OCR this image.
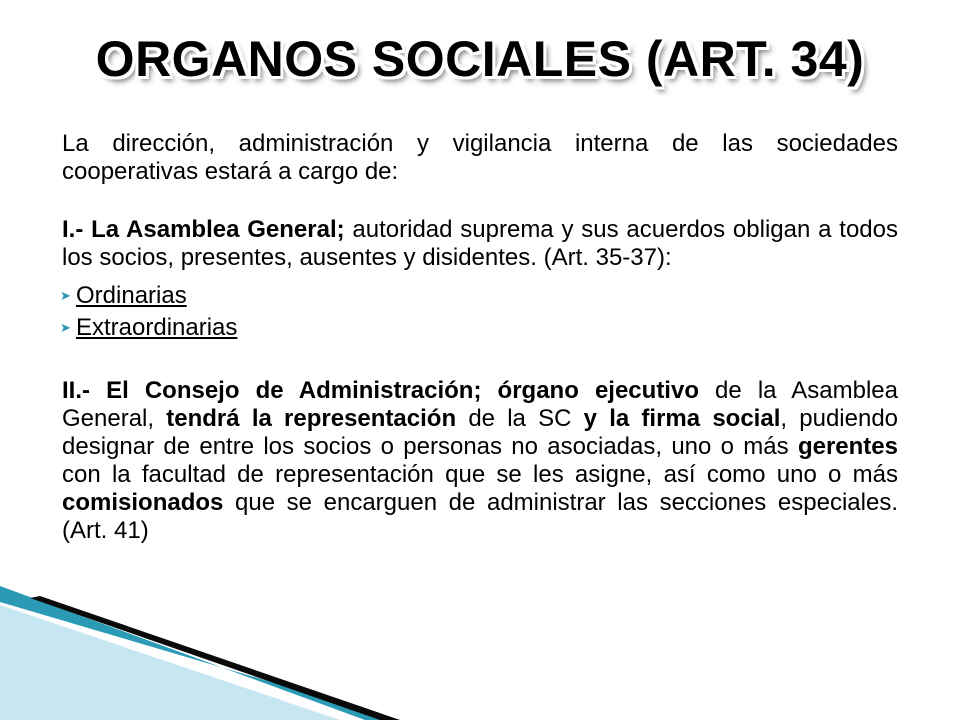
ORGANOS SOCIALES (ART. 34)

La dirección, administración y vigilancia interna de las sociedades cooperativas estará a cargo de:

I.- La Asamblea General; autoridad suprema y sus acuerdos obligan a todos los socios, presentes, ausentes y disidentes. (Art. 35-37):

➤ Ordinarias
➤ Extraordinarias

II.- El Consejo de Administración; órgano ejecutivo de la Asamblea General, tendrá la representación de la SC y la firma social, pudiendo designar de entre los socios o personas no asociadas, uno o más gerentes con la facultad de representación que se les asigne, así como uno o más comisionados que se encarguen de administrar las secciones especiales. (Art. 41)
